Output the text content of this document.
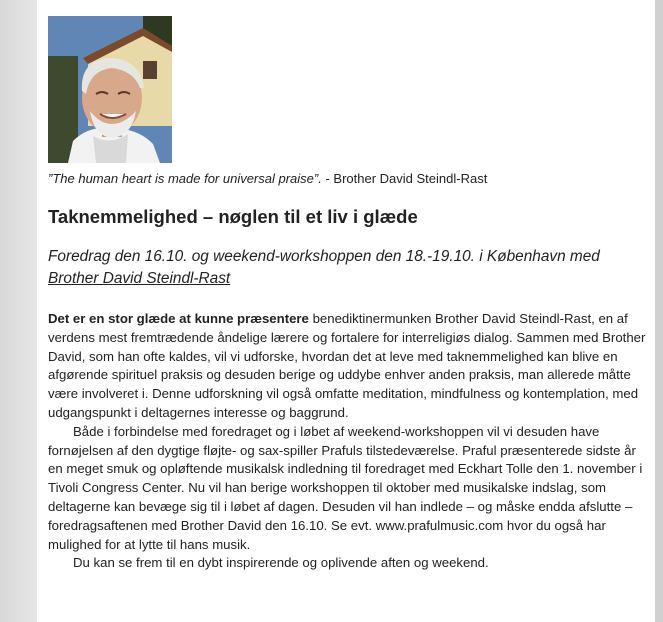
”The human heart is made for universal praise”. - Brother David Steindl-Rast
Taknemmelighed – nøglen til et liv i glæde
Foredrag den 16.10. og weekend-workshoppen den 18.-19.10. i København med Brother David Steindl-Rast

Det er en stor glæde at kunne præsentere benediktinermunken Brother David Steindl-Rast, en af verdens mest fremtrædende åndelige lærere og fortalere for interreligiøs dialog. Sammen med Brother David, som han ofte kaldes, vil vi udforske, hvordan det at leve med taknemmelighed kan blive en afgørende spirituel praksis og desuden berige og uddybe enhver anden praksis, man allerede måtte være involveret i. Denne udforskning vil også omfatte meditation, mindfulness og kontemplation, med udgangspunkt i deltagernes interesse og baggrund.

Både i forbindelse med foredraget og i løbet af weekend-workshoppen vil vi desuden have fornøjelsen af den dygtige fløjte- og sax-spiller Prafuls tilstedeværelse. Praful præsenterede sidste år en meget smuk og opløftende musikalsk indledning til foredraget med Eckhart Tolle den 1. november i Tivoli Congress Center. Nu vil han berige workshoppen til oktober med musikalske indslag, som deltagerne kan bevæge sig til i løbet af dagen. Desuden vil han indlede – og måske endda afslutte – foredragsaftenen med Brother David den 16.10. Se evt. www.prafulmusic.com hvor du også har mulighed for at lytte til hans musik.

Du kan se frem til en dybt inspirerende og oplivende aften og weekend.
